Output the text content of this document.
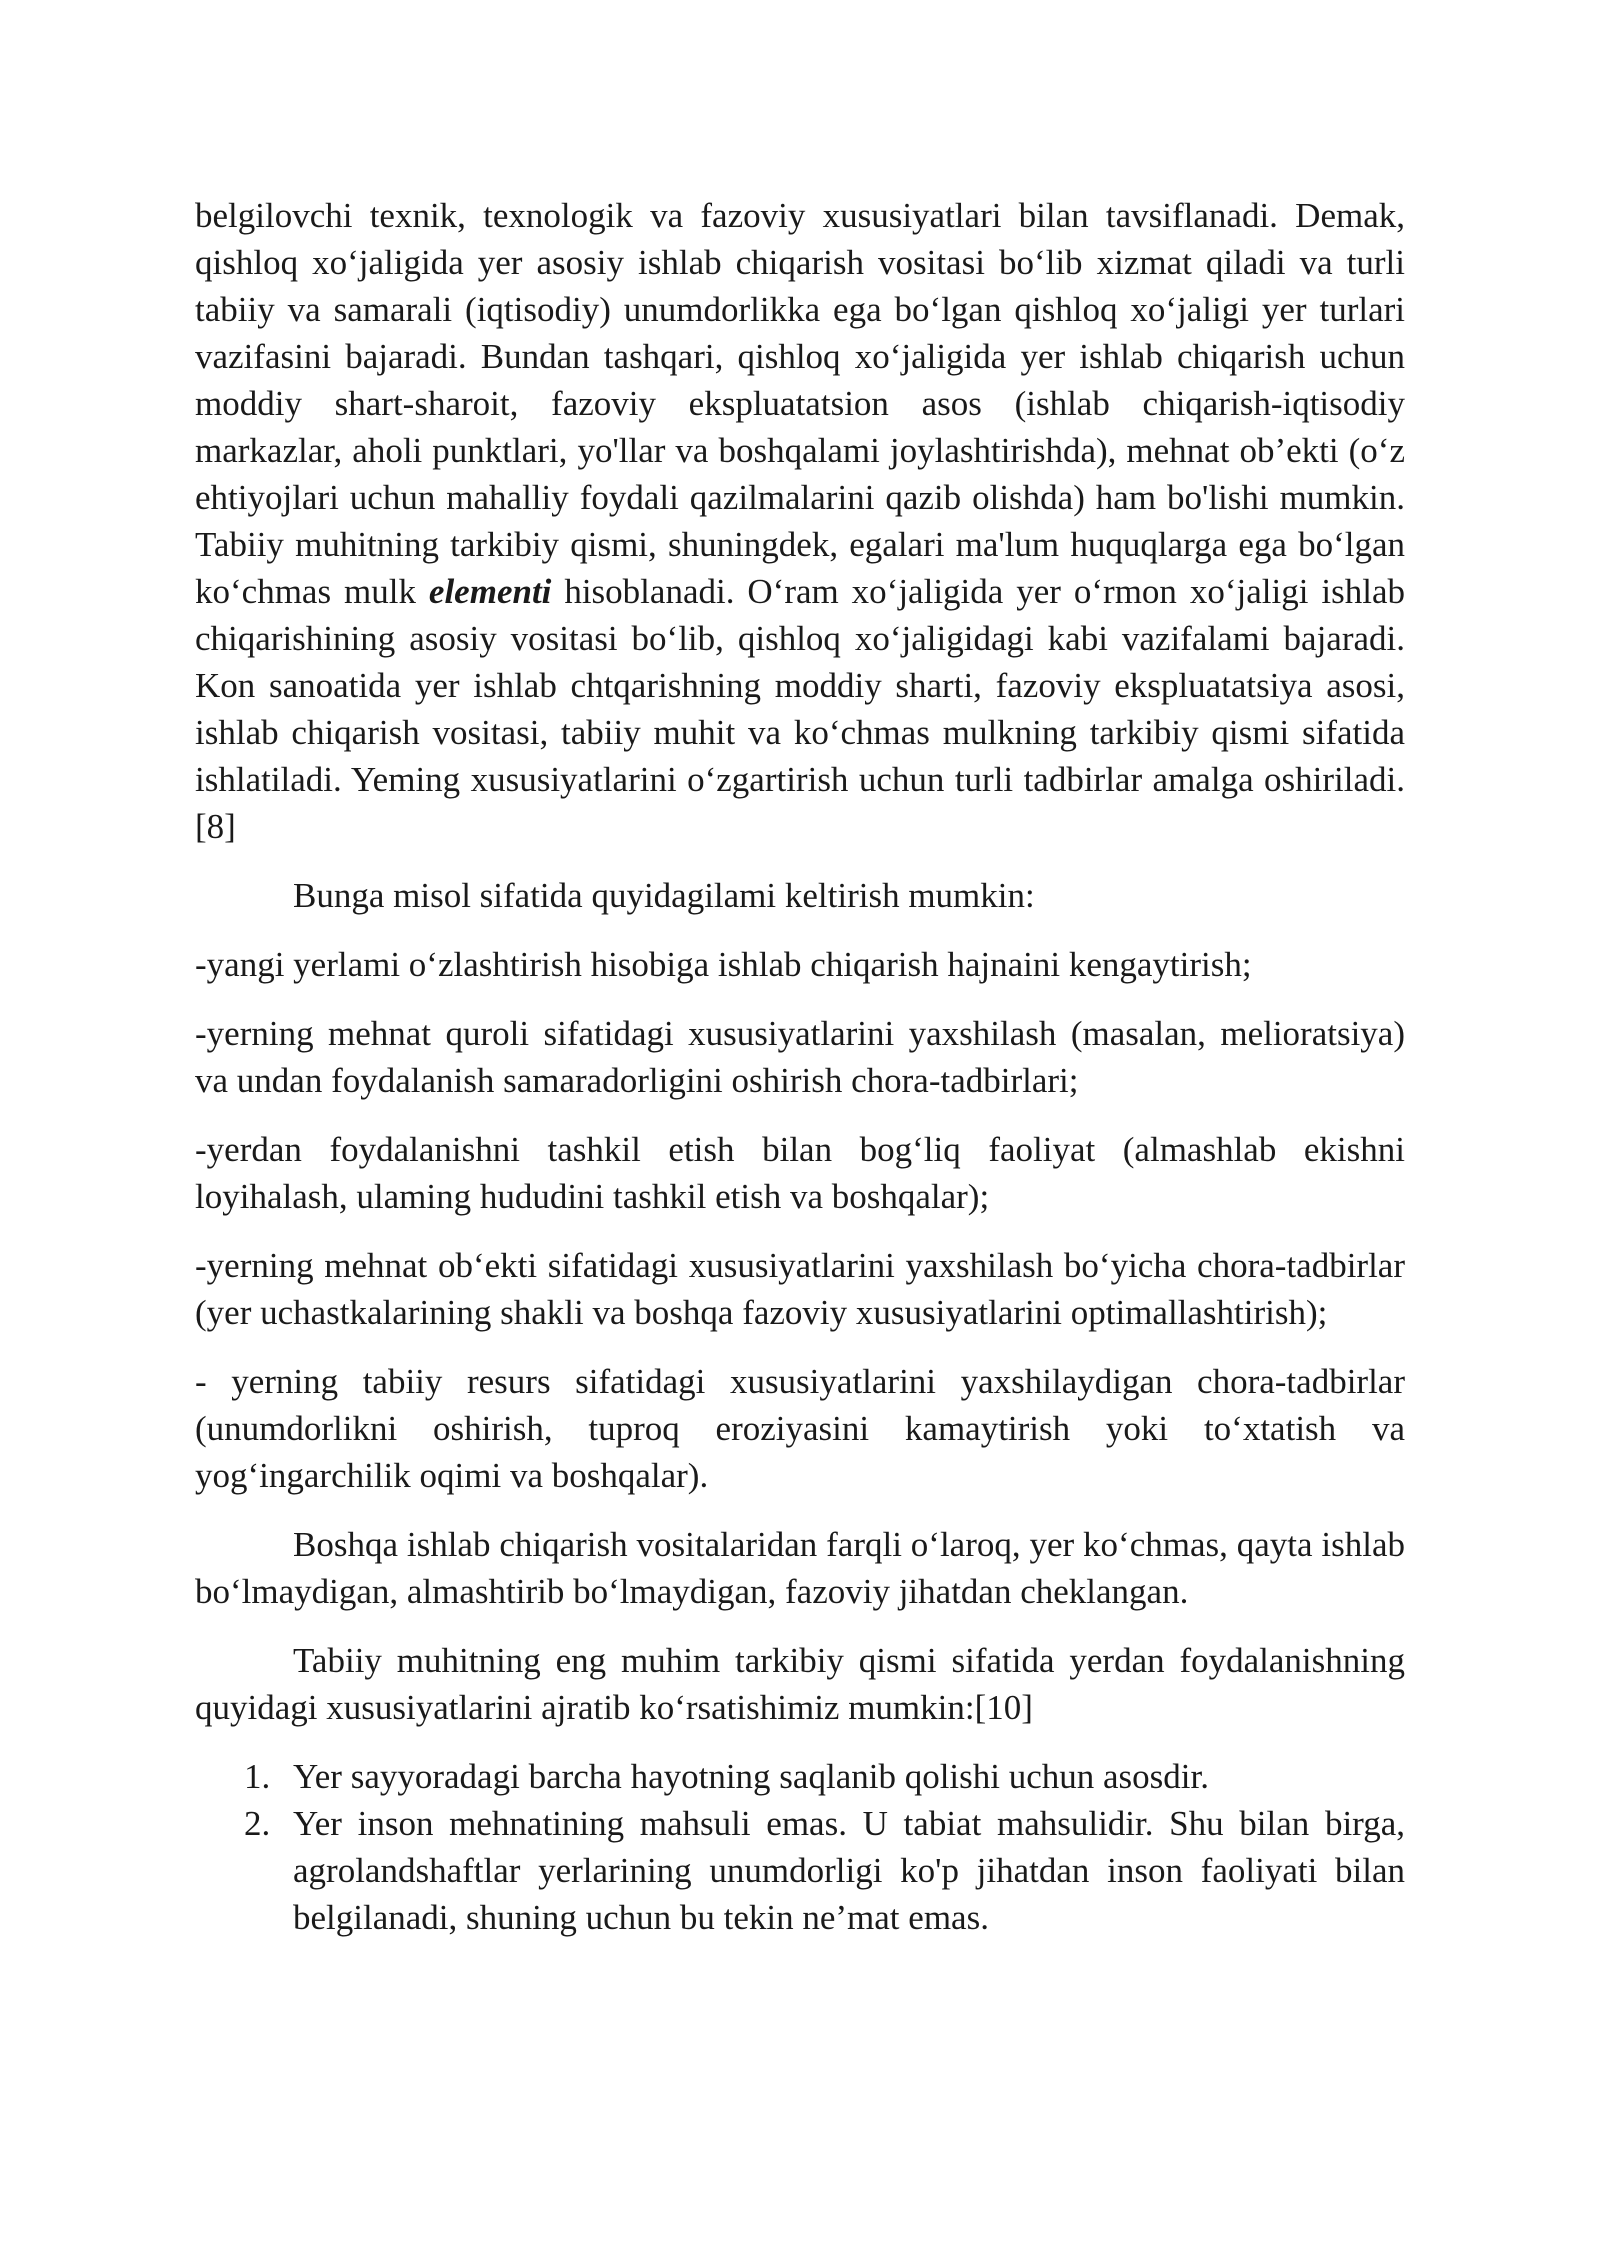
belgilovchi texnik, texnologik va fazoviy xususiyatlari bilan tavsiflanadi. Demak, qishloq xo‘jaligida yer asosiy ishlab chiqarish vositasi bo‘lib xizmat qiladi va turli tabiiy va samarali (iqtisodiy) unumdorlikka ega bo‘lgan qishloq xo‘jaligi yer turlari vazifasini bajaradi. Bundan tashqari, qishloq xo‘jaligida yer ishlab chiqarish uchun moddiy shart-sharoit, fazoviy ekspluatatsion asos (ishlab chiqarish-iqtisodiy markazlar, aholi punktlari, yo'llar va boshqalami joylashtirishda), mehnat ob’ekti (o‘z ehtiyojlari uchun mahalliy foydali qazilmalarini qazib olishda) ham bo'lishi mumkin. Tabiiy muhitning tarkibiy qismi, shuningdek, egalari ma'lum huquqlarga ega bo‘lgan ko‘chmas mulk elementi hisoblanadi. O‘ram xo‘jaligida yer o‘rmon xo‘jaligi ishlab chiqarishining asosiy vositasi bo‘lib, qishloq xo‘jaligidagi kabi vazifalami bajaradi. Kon sanoatida yer ishlab chtqarishning moddiy sharti, fazoviy ekspluatatsiya asosi, ishlab chiqarish vositasi, tabiiy muhit va ko‘chmas mulkning tarkibiy qismi sifatida ishlatiladi. Yeming xususiyatlarini o‘zgartirish uchun turli tadbirlar amalga oshiriladi.[8]

Bunga misol sifatida quyidagilami keltirish mumkin:

-yangi yerlami o‘zlashtirish hisobiga ishlab chiqarish hajnaini kengaytirish;

-yerning mehnat quroli sifatidagi xususiyatlarini yaxshilash (masalan, melioratsiya) va undan foydalanish samaradorligini oshirish chora-tadbirlari;

-yerdan foydalanishni tashkil etish bilan bog‘liq faoliyat (almashlab ekishni loyihalash, ulaming hududini tashkil etish va boshqalar);

-yerning mehnat ob‘ekti sifatidagi xususiyatlarini yaxshilash bo‘yicha chora-tadbirlar (yer uchastkalarining shakli va boshqa fazoviy xususiyatlarini optimallashtirish);

- yerning tabiiy resurs sifatidagi xususiyatlarini yaxshilaydigan chora-tadbirlar (unumdorlikni oshirish, tuproq eroziyasini kamaytirish yoki to‘xtatish va yog‘ingarchilik oqimi va boshqalar).

Boshqa ishlab chiqarish vositalaridan farqli o‘laroq, yer ko‘chmas, qayta ishlab bo‘lmaydigan, almashtirib bo‘lmaydigan, fazoviy jihatdan cheklangan.

Tabiiy muhitning eng muhim tarkibiy qismi sifatida yerdan foydalanishning quyidagi xususiyatlarini ajratib ko‘rsatishimiz mumkin:[10]

1. Yer sayyoradagi barcha hayotning saqlanib qolishi uchun asosdir.
2. Yer inson mehnatining mahsuli emas. U tabiat mahsulidir. Shu bilan birga, agrolandshaftlar yerlarining unumdorligi ko'p jihatdan inson faoliyati bilan belgilanadi, shuning uchun bu tekin ne’mat emas.
